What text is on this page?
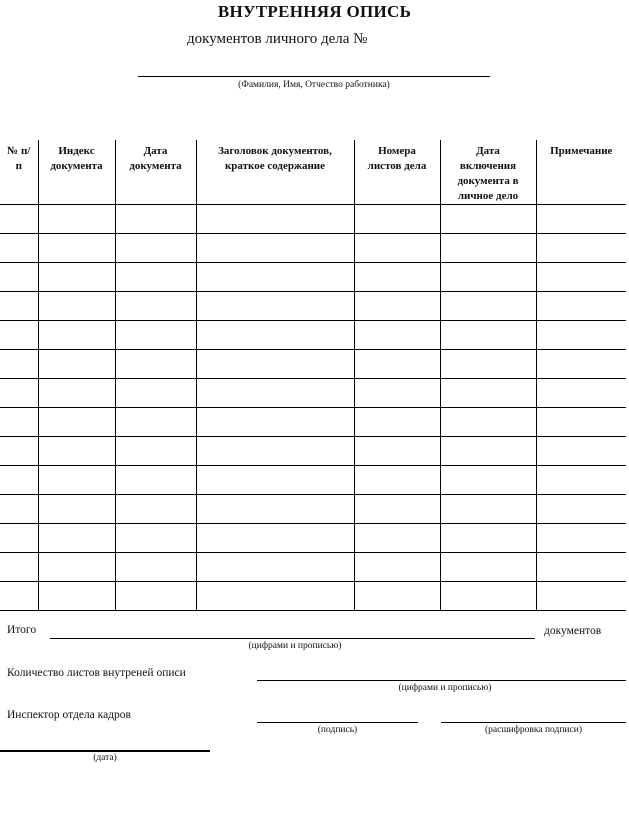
ВНУТРЕННЯЯ ОПИСЬ
документов личного дела №
(Фамилия, Имя, Отчество работника)
№ п/п	Индекс документа	Дата документа	Заголовок документов, краткое содержание	Номера листов дела	Дата включения документа в личное дело	Примечание

Итого	документов
(цифрами и прописью)
Количество листов внутреней описи
(цифрами и прописью)
Инспектор отдела кадров
(подпись)	(расшифровка подписи)
(дата)
